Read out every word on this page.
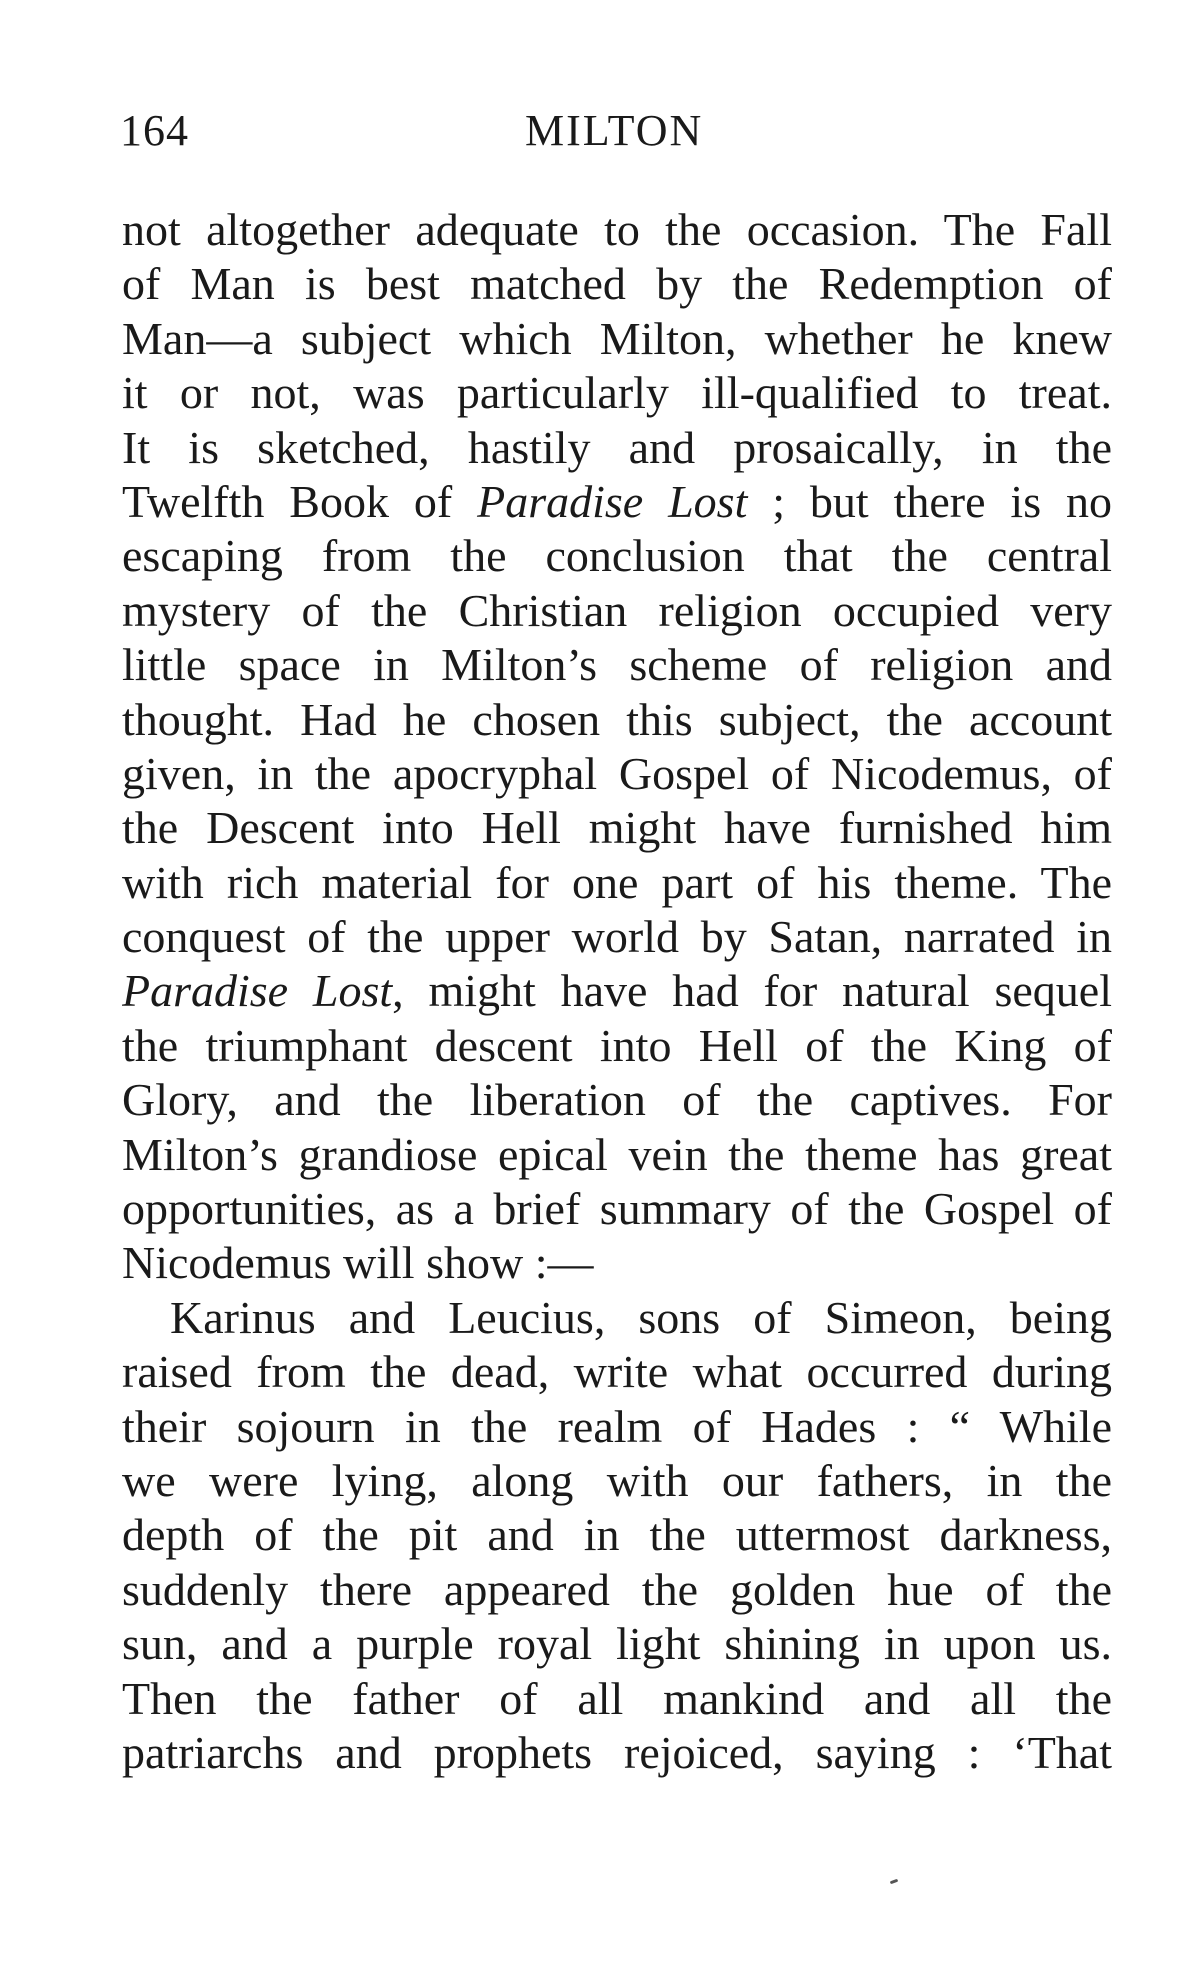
164	MILTON
not altogether adequate to the occasion. The Fall
of Man is best matched by the Redemption of
Man—a subject which Milton, whether he knew
it or not, was particularly ill-qualified to treat.
It is sketched, hastily and prosaically, in the
Twelfth Book of Paradise Lost ; but there is no
escaping from the conclusion that the central
mystery of the Christian religion occupied very
little space in Milton’s scheme of religion and
thought. Had he chosen this subject, the account
given, in the apocryphal Gospel of Nicodemus, of
the Descent into Hell might have furnished him
with rich material for one part of his theme. The
conquest of the upper world by Satan, narrated in
Paradise Lost, might have had for natural sequel
the triumphant descent into Hell of the King of
Glory, and the liberation of the captives. For
Milton’s grandiose epical vein the theme has great
opportunities, as a brief summary of the Gospel of
Nicodemus will show :—
Karinus and Leucius, sons of Simeon, being
raised from the dead, write what occurred during
their sojourn in the realm of Hades : “ While
we were lying, along with our fathers, in the
depth of the pit and in the uttermost darkness,
suddenly there appeared the golden hue of the
sun, and a purple royal light shining in upon us.
Then the father of all mankind and all the
patriarchs and prophets rejoiced, saying : ‘That
